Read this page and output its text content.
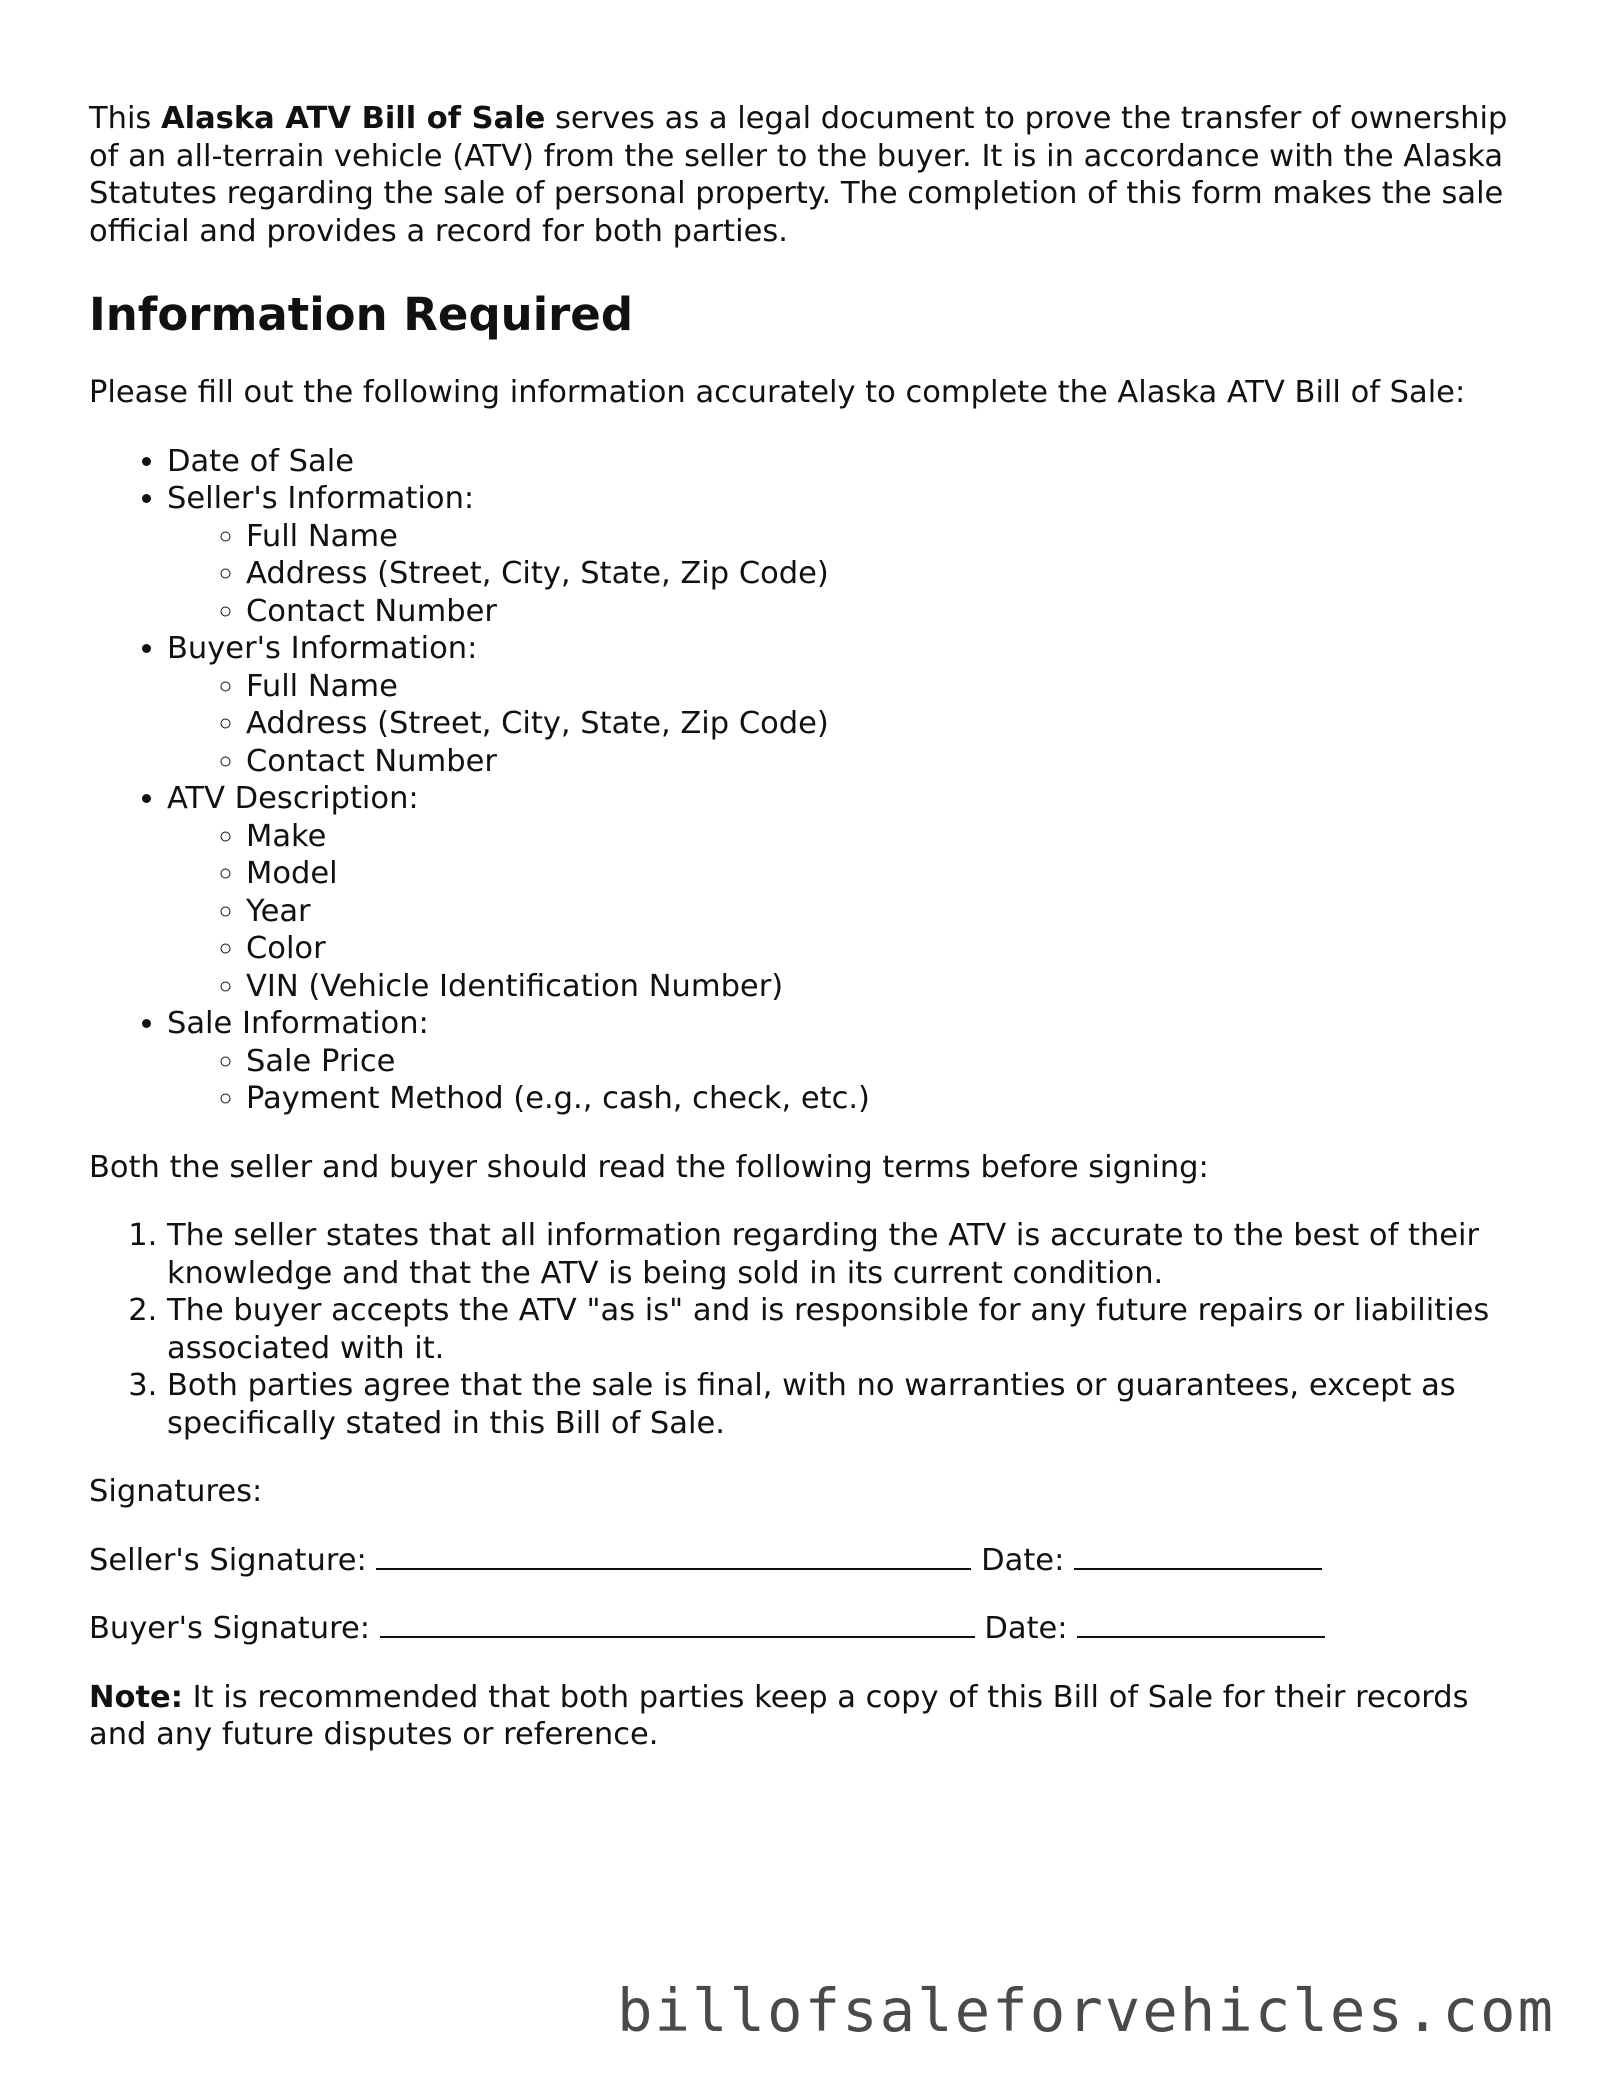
This Alaska ATV Bill of Sale serves as a legal document to prove the transfer of ownership of an all-terrain vehicle (ATV) from the seller to the buyer. It is in accordance with the Alaska Statutes regarding the sale of personal property. The completion of this form makes the sale official and provides a record for both parties.

Information Required

Please fill out the following information accurately to complete the Alaska ATV Bill of Sale:

• Date of Sale
• Seller's Information:
◦ Full Name
◦ Address (Street, City, State, Zip Code)
◦ Contact Number
• Buyer's Information:
◦ Full Name
◦ Address (Street, City, State, Zip Code)
◦ Contact Number
• ATV Description:
◦ Make
◦ Model
◦ Year
◦ Color
◦ VIN (Vehicle Identification Number)
• Sale Information:
◦ Sale Price
◦ Payment Method (e.g., cash, check, etc.)

Both the seller and buyer should read the following terms before signing:

1. The seller states that all information regarding the ATV is accurate to the best of their knowledge and that the ATV is being sold in its current condition.
2. The buyer accepts the ATV "as is" and is responsible for any future repairs or liabilities associated with it.
3. Both parties agree that the sale is final, with no warranties or guarantees, except as specifically stated in this Bill of Sale.

Signatures:

Seller's Signature:	Date:

Buyer's Signature:	Date:

Note: It is recommended that both parties keep a copy of this Bill of Sale for their records and any future disputes or reference.

billofsaleforvehicles.com
